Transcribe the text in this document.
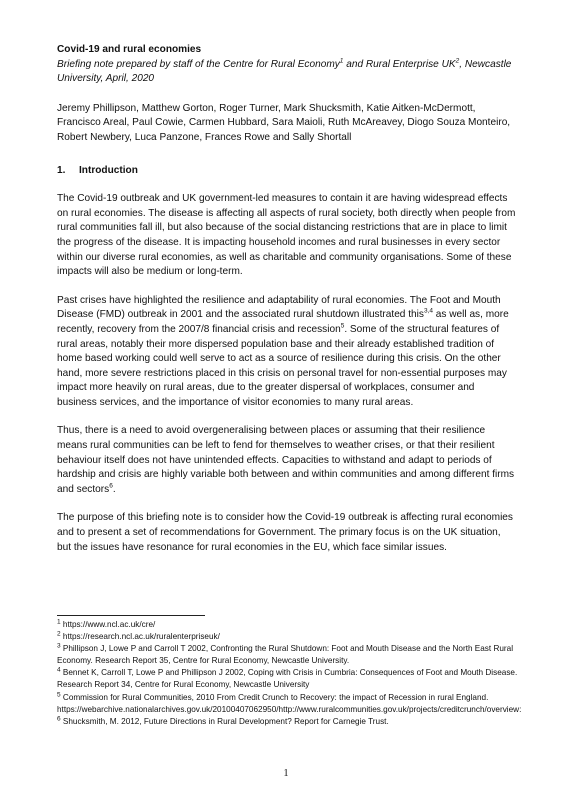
Covid-19 and rural economies

Briefing note prepared by staff of the Centre for Rural Economy$^1$ and Rural Enterprise $UK^2$, Newcastle University, April, 2020

Jeremy Phillipson, Matthew Gorton, Roger Turner, Mark Shucksmith, Katie Aitken-McDermott, Francisco Areal, Paul Cowie, Carmen Hubbard, Sara Maioli, Ruth McAreavey, Diogo Souza Monteiro, Robert Newbery, Luca Panzone, Frances Rowe and Sally Shortall

1.	Introduction

The Covid-19 outbreak and UK government-led measures to contain it are having widespread effects on rural economies. The disease is affecting all aspects of rural society, both directly when people from rural communities fall ill, but also because of the social distancing restrictions that are in place to limit the progress of the disease. It is impacting household incomes and rural businesses in every sector within our diverse rural economies, as well as charitable and community organisations. Some of these impacts will also be medium or long-term.

Past crises have highlighted the resilience and adaptability of rural economies. The Foot and Mouth Disease (FMD) outbreak in 2001 and the associated rural shutdown illustrated this$^{3,4}$ as well as, more recently, recovery from the 2007/8 financial crisis and recession$^5$. Some of the structural features of rural areas, notably their more dispersed population base and their already established tradition of home based working could well serve to act as a source of resilience during this crisis. On the other hand, more severe restrictions placed in this crisis on personal travel for non-essential purposes may impact more heavily on rural areas, due to the greater dispersal of workplaces, consumer and business services, and the importance of visitor economies to many rural areas.

Thus, there is a need to avoid overgeneralising between places or assuming that their resilience means rural communities can be left to fend for themselves to weather crises, or that their resilient behaviour itself does not have unintended effects. Capacities to withstand and adapt to periods of hardship and crisis are highly variable both between and within communities and among different firms and sectors$^6$.

The purpose of this briefing note is to consider how the Covid-19 outbreak is affecting rural economies and to present a set of recommendations for Government. The primary focus is on the UK situation, but the issues have resonance for rural economies in the EU, which face similar issues.

$^1$ https://www.ncl.ac.uk/cre/

$^2$ https://research.ncl.ac.uk/ruralenterpriseuk/

$^3$ Phillipson J, Lowe P and Carroll T 2002, Confronting the Rural Shutdown: Foot and Mouth Disease and the North East Rural Economy. Research Report 35, Centre for Rural Economy, Newcastle University.

$^4$ Bennet K, Carroll T, Lowe P and Phillipson J 2002, Coping with Crisis in Cumbria: Consequences of Foot and Mouth Disease. Research Report 34, Centre for Rural Economy, Newcastle University

$^5$ Commission for Rural Communities, 2010 From Credit Crunch to Recovery: the impact of Recession in rural England. https://webarchive.nationalarchives.gov.uk/20100407062950/http://www.ruralcommunities.gov.uk/projects/creditcrunch/overview:

$^6$ Shucksmith, M. 2012, Future Directions in Rural Development? Report for Carnegie Trust.

1
